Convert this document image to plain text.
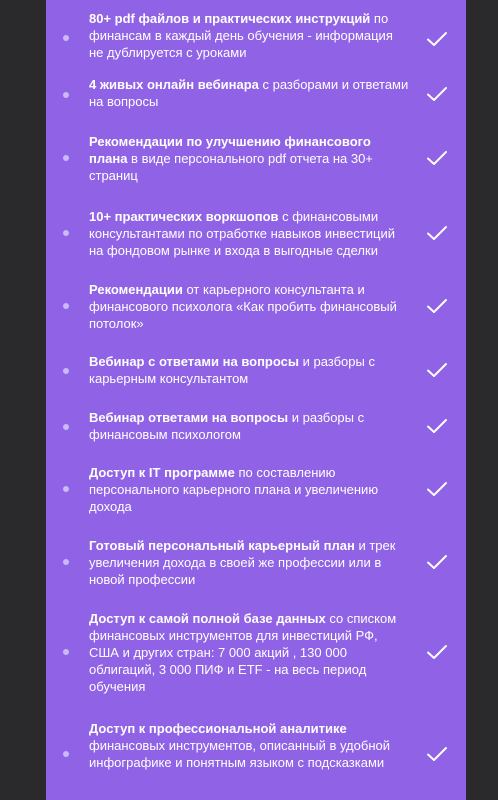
80+ pdf файлов и практических инструкций по финансам в каждый день обучения - информация не дублируется с уроками
4 живых онлайн вебинара с разборами и ответами на вопросы
Рекомендации по улучшению финансового плана в виде персонального pdf отчета на 30+ страниц
10+ практических воркшопов с финансовыми консультантами по отработке навыков инвестиций на фондовом рынке и входа в выгодные сделки
Рекомендации от карьерного консультанта и финансового психолога «Как пробить финансовый потолок»
Вебинар с ответами на вопросы и разборы с карьерным консультантом
Вебинар ответами на вопросы и разборы с финансовым психологом
Доступ к IT программе по составлению персонального карьерного плана и увеличению дохода
Готовый персональный карьерный план и трек увеличения дохода в своей же профессии или в новой профессии
Доступ к самой полной базе данных со списком финансовых инструментов для инвестиций РФ, США и других стран: 7 000 акций , 130 000 облигаций, 3 000 ПИФ и ETF - на весь период обучения
Доступ к профессиональной аналитике финансовых инструментов, описанный в удобной инфографике и понятным языком с подсказками
